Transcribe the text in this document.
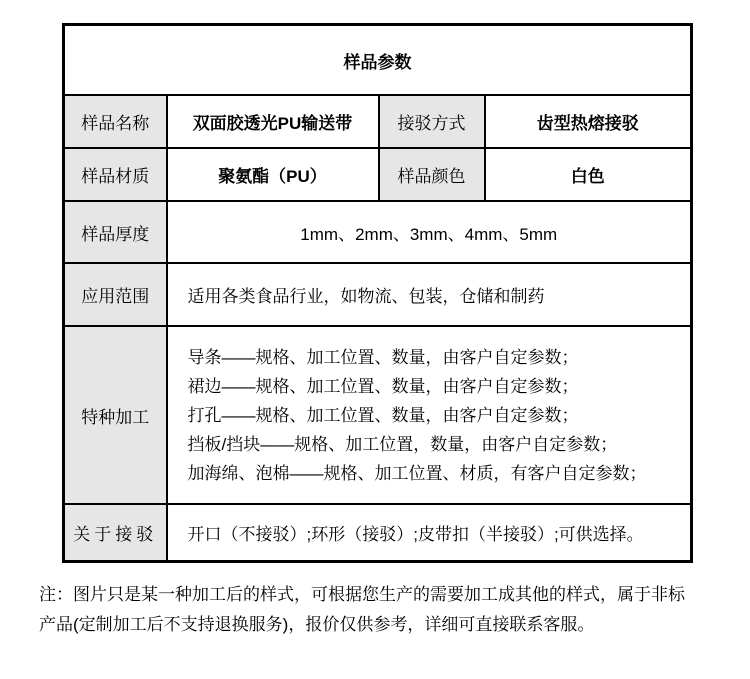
样品参数			
样品名称	双面胶透光PU输送带	接驳方式	齿型热熔接驳
样品材质	聚氨酯（PU）	样品颜色	白色
样品厚度	1mm、2mm、3mm、4mm、5mm		
应用范围	适用各类食品行业，如物流、包装，仓储和制药		
特种加工	导条——规格、加工位置、数量，由客户自定参数；
裙边——规格、加工位置、数量，由客户自定参数；
打孔——规格、加工位置、数量，由客户自定参数；
挡板/挡块——规格、加工位置，数量，由客户自定参数；
加海绵、泡棉——规格、加工位置、材质，有客户自定参数；		

关于接驳	开口（不接驳）;环形（接驳）;皮带扣（半接驳）;可供选择。		
注：图片只是某一种加工后的样式，可根据您生产的需要加工成其他的样式，属于非标
产品(定制加工后不支持退换服务)，报价仅供参考，详细可直接联系客服。
